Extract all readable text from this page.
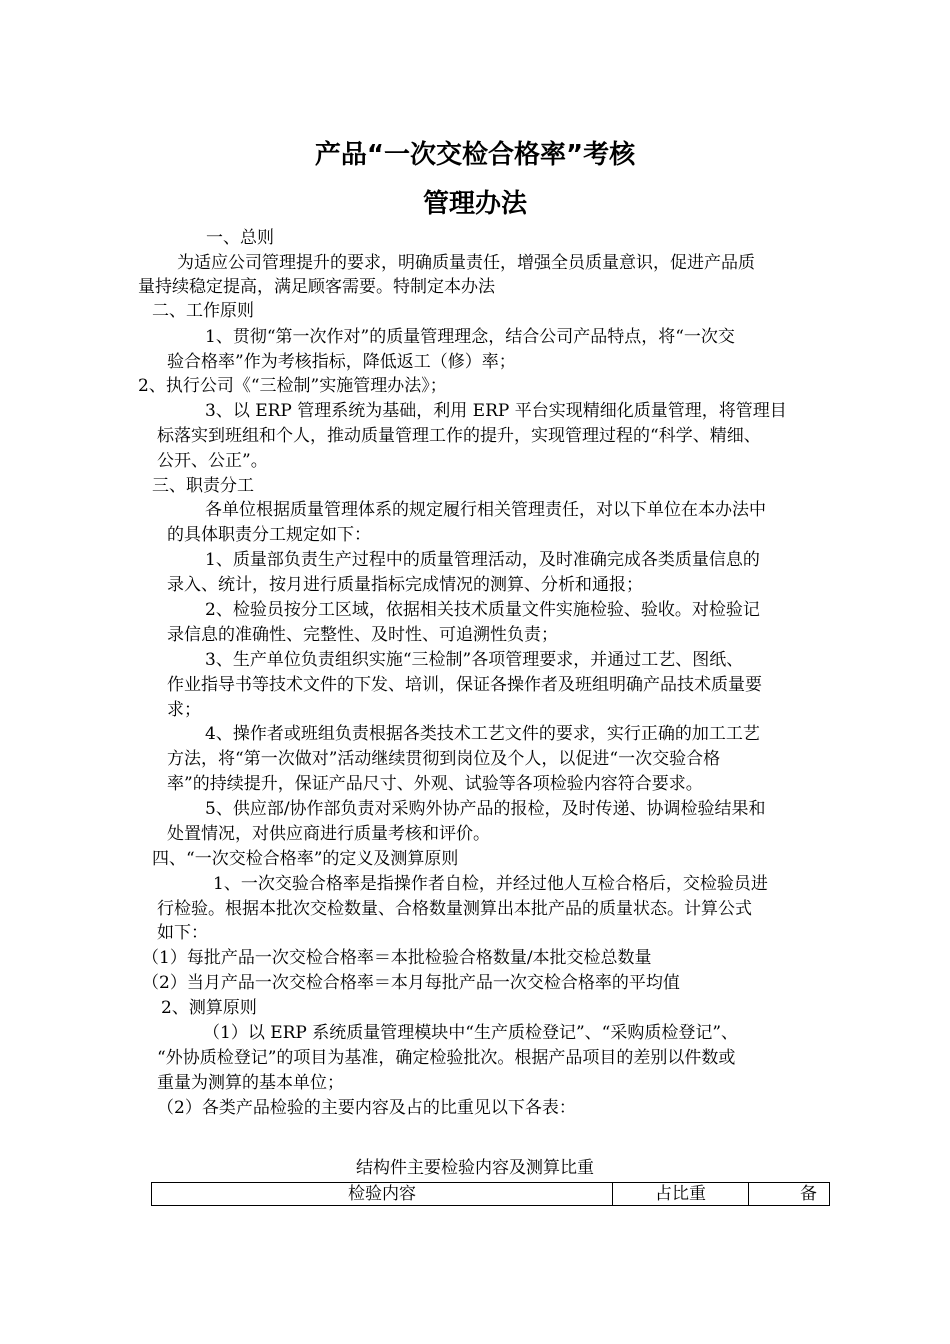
产品“一次交检合格率”考核
管理办法
一、总则
为适应公司管理提升的要求，明确质量责任，增强全员质量意识，促进产品质
量持续稳定提高，满足顾客需要。特制定本办法
二、工作原则
1、贯彻“第一次作对”的质量管理理念，结合公司产品特点，将“一次交
验合格率”作为考核指标，降低返工（修）率；
2、执行公司《“三检制”实施管理办法》；
3、以 ERP 管理系统为基础，利用 ERP 平台实现精细化质量管理，将管理目
标落实到班组和个人，推动质量管理工作的提升，实现管理过程的“科学、精细、
公开、公正”。
三、职责分工
各单位根据质量管理体系的规定履行相关管理责任，对以下单位在本办法中
的具体职责分工规定如下：
1、质量部负责生产过程中的质量管理活动，及时准确完成各类质量信息的
录入、统计，按月进行质量指标完成情况的测算、分析和通报；
2、检验员按分工区域，依据相关技术质量文件实施检验、验收。对检验记
录信息的准确性、完整性、及时性、可追溯性负责；
3、生产单位负责组织实施“三检制”各项管理要求，并通过工艺、图纸、
作业指导书等技术文件的下发、培训，保证各操作者及班组明确产品技术质量要
求；
4、操作者或班组负责根据各类技术工艺文件的要求，实行正确的加工工艺
方法，将“第一次做对”活动继续贯彻到岗位及个人，以促进“一次交验合格
率”的持续提升，保证产品尺寸、外观、试验等各项检验内容符合要求。
5、供应部/协作部负责对采购外协产品的报检，及时传递、协调检验结果和
处置情况，对供应商进行质量考核和评价。
四、“一次交检合格率”的定义及测算原则
1、一次交验合格率是指操作者自检，并经过他人互检合格后，交检验员进
行检验。根据本批次交检数量、合格数量测算出本批产品的质量状态。计算公式
如下：
（1）每批产品一次交检合格率＝本批检验合格数量/本批交检总数量
（2）当月产品一次交检合格率＝本月每批产品一次交检合格率的平均值
2、测算原则
（1）以 ERP 系统质量管理模块中“生产质检登记”、“采购质检登记”、
“外协质检登记”的项目为基准，确定检验批次。根据产品项目的差别以件数或
重量为测算的基本单位；
（2）各类产品检验的主要内容及占的比重见以下各表：
结构件主要检验内容及测算比重
检验内容	占比重	备
